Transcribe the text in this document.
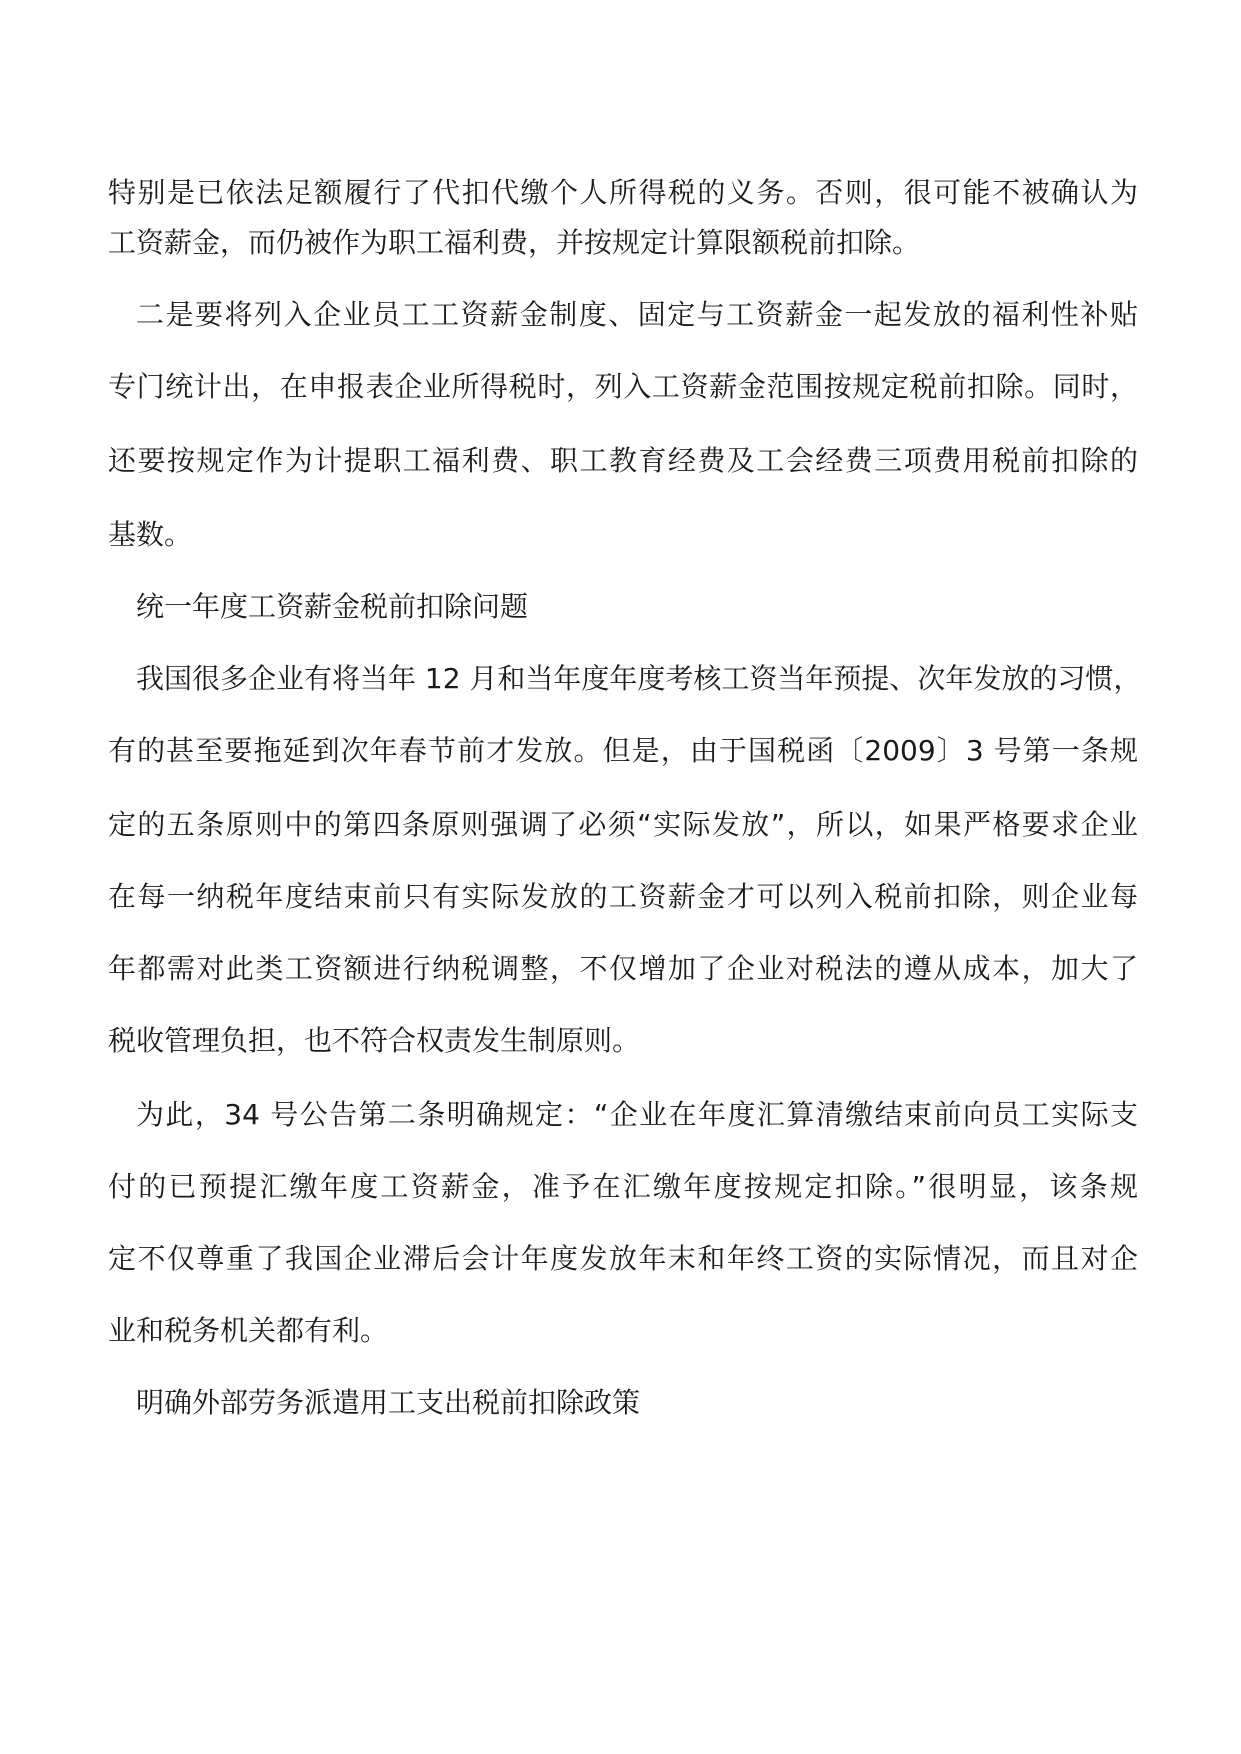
特别是已依法足额履行了代扣代缴个人所得税的义务。否则，很可能不被确认为
工资薪金，而仍被作为职工福利费，并按规定计算限额税前扣除。
二是要将列入企业员工工资薪金制度、固定与工资薪金一起发放的福利性补贴
专门统计出，在申报表企业所得税时，列入工资薪金范围按规定税前扣除。同时，
还要按规定作为计提职工福利费、职工教育经费及工会经费三项费用税前扣除的
基数。
统一年度工资薪金税前扣除问题
我国很多企业有将当年 12 月和当年度年度考核工资当年预提、次年发放的习惯，
有的甚至要拖延到次年春节前才发放。但是，由于国税函〔2009〕3 号第一条规
定的五条原则中的第四条原则强调了必须“实际发放”，所以，如果严格要求企业
在每一纳税年度结束前只有实际发放的工资薪金才可以列入税前扣除，则企业每
年都需对此类工资额进行纳税调整，不仅增加了企业对税法的遵从成本，加大了
税收管理负担，也不符合权责发生制原则。
为此，34 号公告第二条明确规定：“企业在年度汇算清缴结束前向员工实际支
付的已预提汇缴年度工资薪金，准予在汇缴年度按规定扣除。”很明显，该条规
定不仅尊重了我国企业滞后会计年度发放年末和年终工资的实际情况，而且对企
业和税务机关都有利。
明确外部劳务派遣用工支出税前扣除政策
